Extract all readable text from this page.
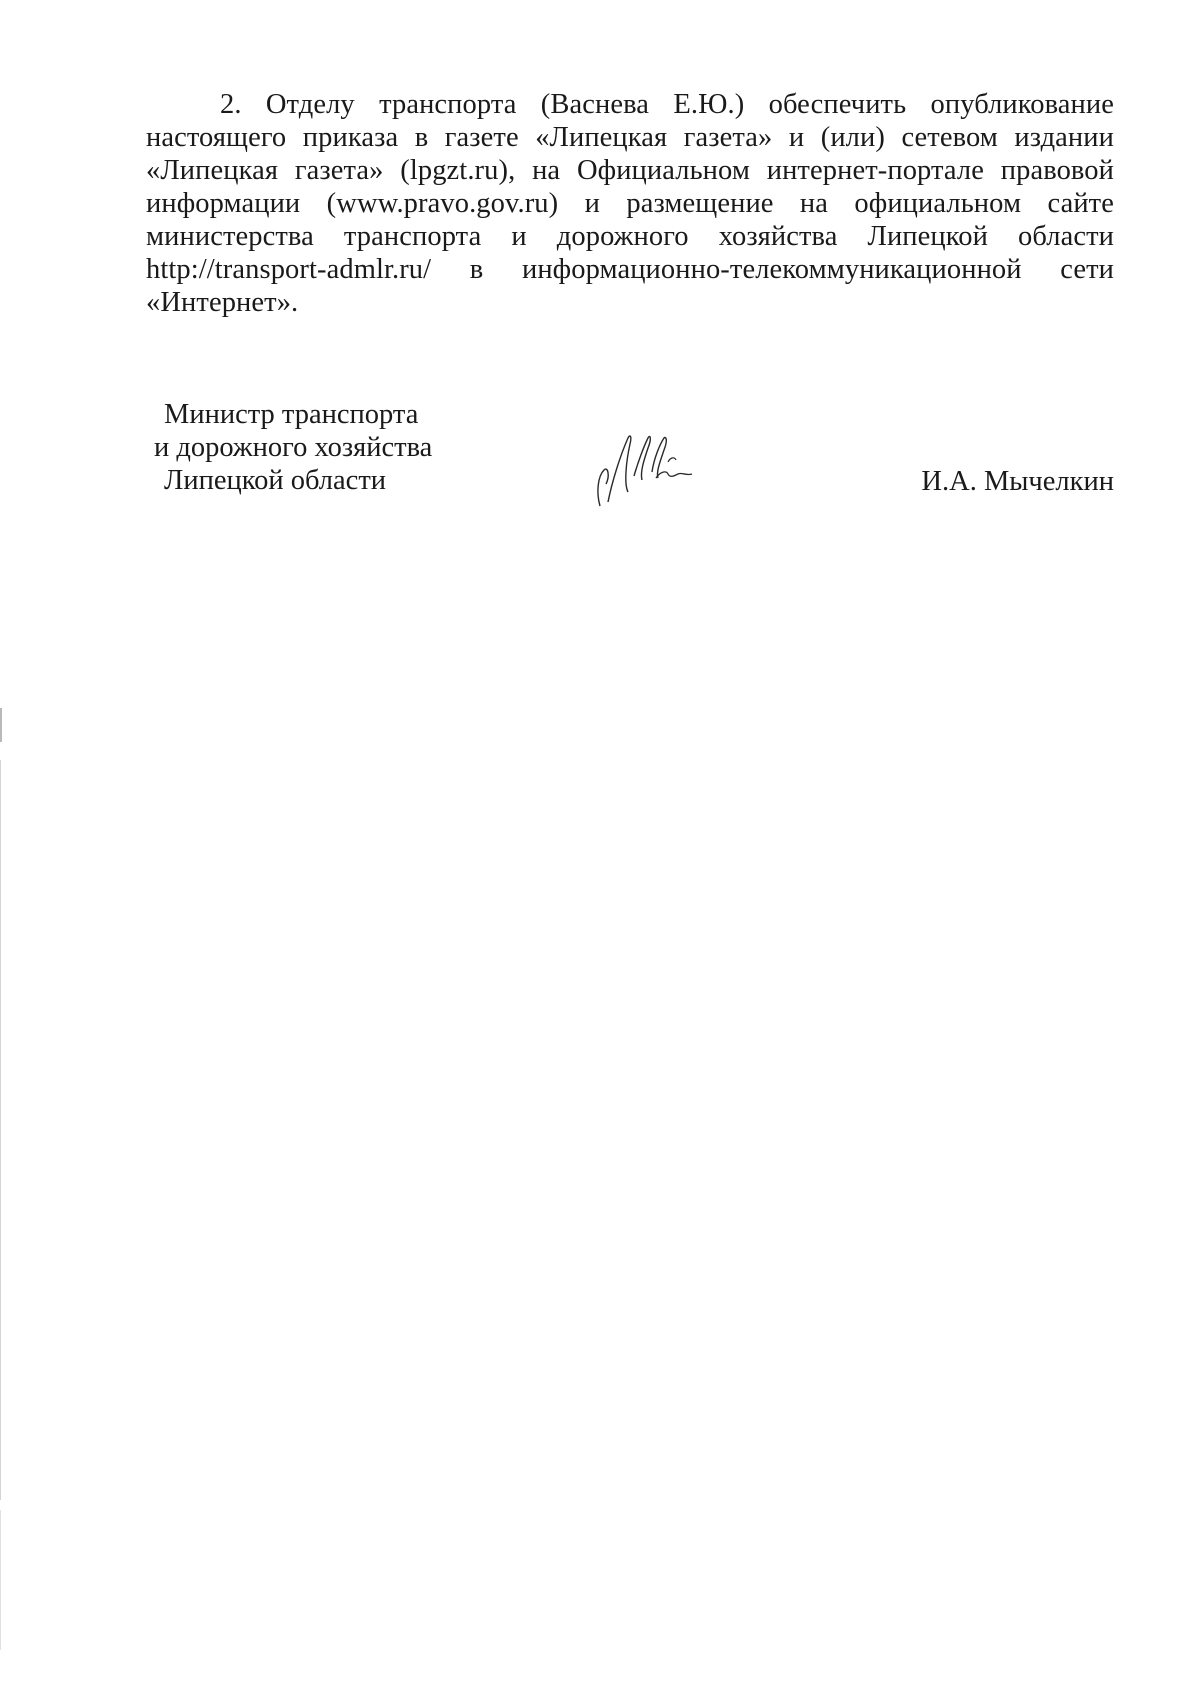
2. Отделу транспорта (Васнева Е.Ю.) обеспечить опубликование настоящего приказа в газете «Липецкая газета» и (или) сетевом издании «Липецкая газета» (lpgzt.ru), на Официальном интернет-портале правовой информации (www.pravo.gov.ru) и размещение на официальном сайте министерства транспорта и дорожного хозяйства Липецкой области http://transport-admlr.ru/ в информационно-телекоммуникационной сети «Интернет».

Министр транспорта
и дорожного хозяйства
Липецкой области	И.А. Мычелкин
